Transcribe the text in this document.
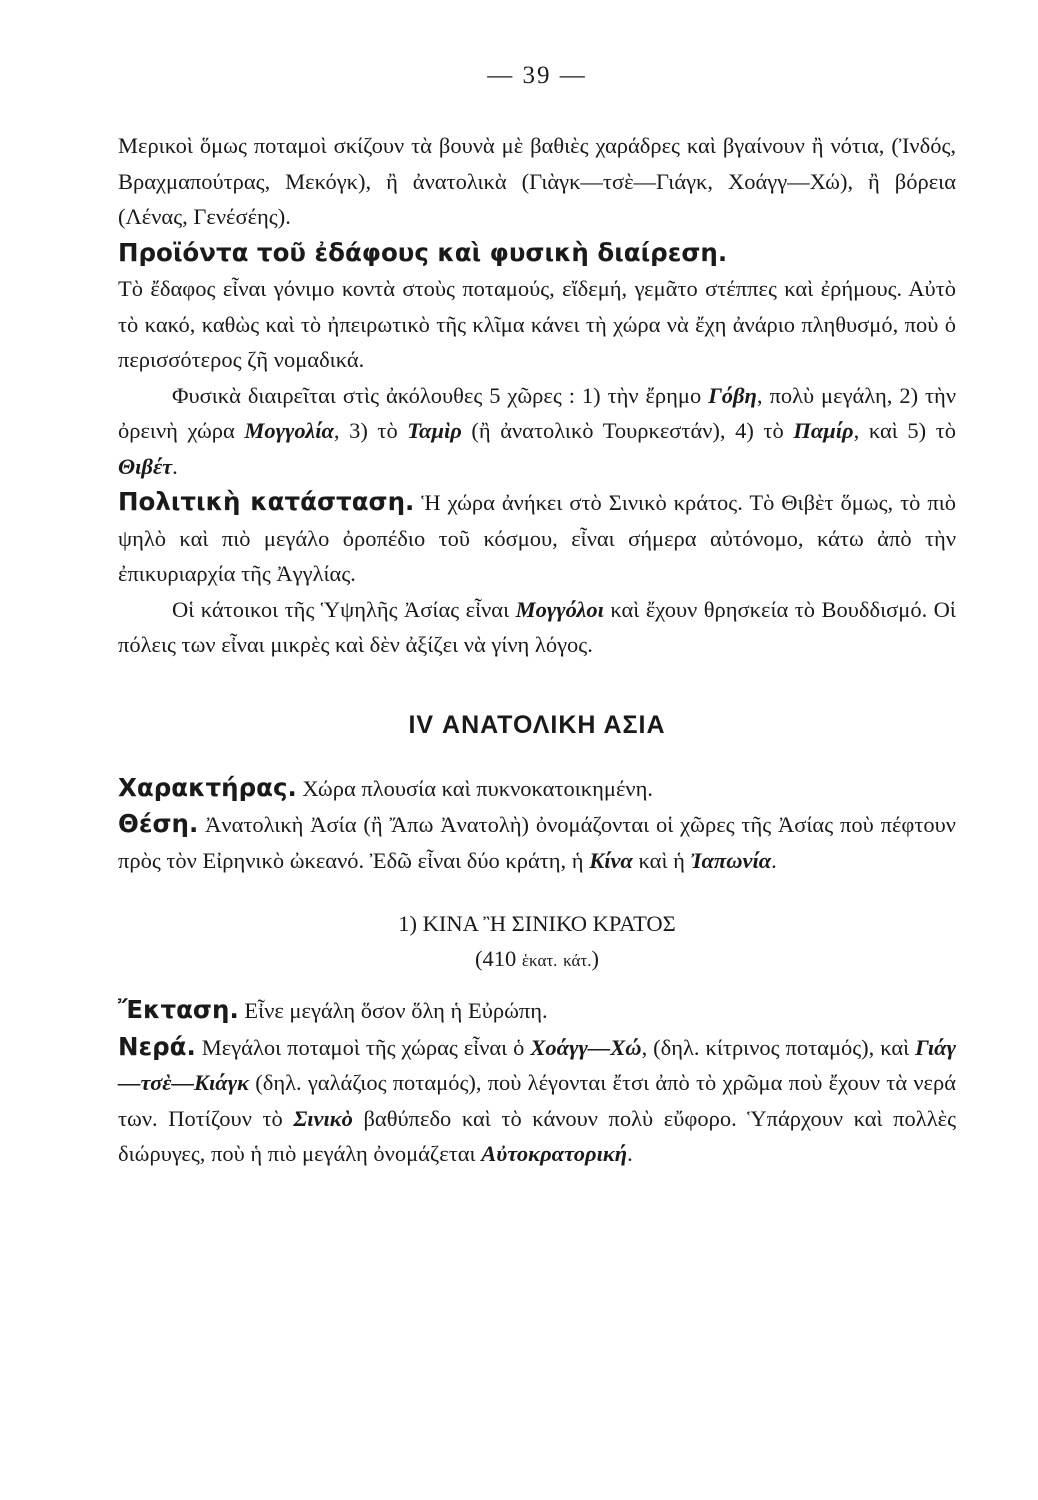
— 39 —

Μερικοὶ ὅμως ποταμοὶ σκίζουν τὰ βουνὰ μὲ βαθιὲς χαράδρες καὶ βγαίνουν ἢ νότια, (Ἰνδός, Βραχμαπούτρας, Μεκόγκ), ἢ ἀνατολικὰ (Γιὰγκ—τσὲ—Γιάγκ, Χοάγγ—Χώ), ἢ βόρεια (Λένας, Γενέσέης).

Προϊόντα τοῦ ἐδάφους καὶ φυσικὴ διαίρεση.
Τὸ ἔδαφος εἶναι γόνιμο κοντὰ στοὺς ποταμούς, εἴδεμή, γεμᾶτο στέππες καὶ ἐρήμους. Αὐτὸ τὸ κακό, καθὼς καὶ τὸ ἠπειρωτικὸ τῆς κλῖμα κάνει τὴ χώρα νὰ ἔχη ἀνάριο πληθυσμό, ποὺ ὁ περισσότερος ζῆ νομαδικά.

Φυσικὰ διαιρεῖται στὶς ἀκόλουθες 5 χῶρες : 1) τὴν ἔρημο Γόβη, πολὺ μεγάλη, 2) τὴν ὀρεινὴ χώρα Μογγολία, 3) τὸ Ταμὶρ (ἢ ἀνατολικὸ Τουρκεστάν), 4) τὸ Παμίρ, καὶ 5) τὸ Θιβέτ.

Πολιτικὴ κατάσταση. Ἡ χώρα ἀνήκει στὸ Σινικὸ κράτος. Τὸ Θιβὲτ ὅμως, τὸ πιὸ ψηλὸ καὶ πιὸ μεγάλο ὀροπέδιο τοῦ κόσμου, εἶναι σήμερα αὐτόνομο, κάτω ἀπὸ τὴν ἐπικυριαρχία τῆς Ἀγγλίας.

Οἱ κάτοικοι τῆς Ὑψηλῆς Ἀσίας εἶναι Μογγόλοι καὶ ἔχουν θρησκεία τὸ Βουδδισμό. Οἱ πόλεις των εἶναι μικρὲς καὶ δὲν ἀξίζει νὰ γίνη λόγος.

IV ΑΝΑΤΟΛΙΚΗ ΑΣΙΑ

Χαρακτήρας. Χώρα πλουσία καὶ πυκνοκατοικημένη.

Θέση. Ἀνατολικὴ Ἀσία (ἢ Ἄπω Ἀνατολὴ) ὀνομάζονται οἱ χῶρες τῆς Ἀσίας ποὺ πέφτουν πρὸς τὸν Εἰρηνικὸ ὠκεανό. Ἐδῶ εἶναι δύο κράτη, ἡ Κίνα καὶ ἡ Ἰαπωνία.

1) ΚΙΝΑ Ἢ ΣΙΝΙΚΟ ΚΡΑΤΟΣ
(410 ἑκατ. κάτ.)

Ἔκταση. Εἶνε μεγάλη ὅσον ὅλη ἡ Εὐρώπη.

Νερά. Μεγάλοι ποταμοὶ τῆς χώρας εἶναι ὁ Χοάγγ—Χώ, (δηλ. κίτρινος ποταμός), καὶ Γιάγ—τσὲ—Κιάγκ (δηλ. γαλάζιος ποταμός), ποὺ λέγονται ἔτσι ἀπὸ τὸ χρῶμα ποὺ ἔχουν τὰ νερά των. Ποτίζουν τὸ Σινικὸ βαθύπεδο καὶ τὸ κάνουν πολὺ εὔφορο. Ὑπάρχουν καὶ πολλὲς διώρυγες, ποὺ ἡ πιὸ μεγάλη ὀνομάζεται Αὐτοκρατορική.
